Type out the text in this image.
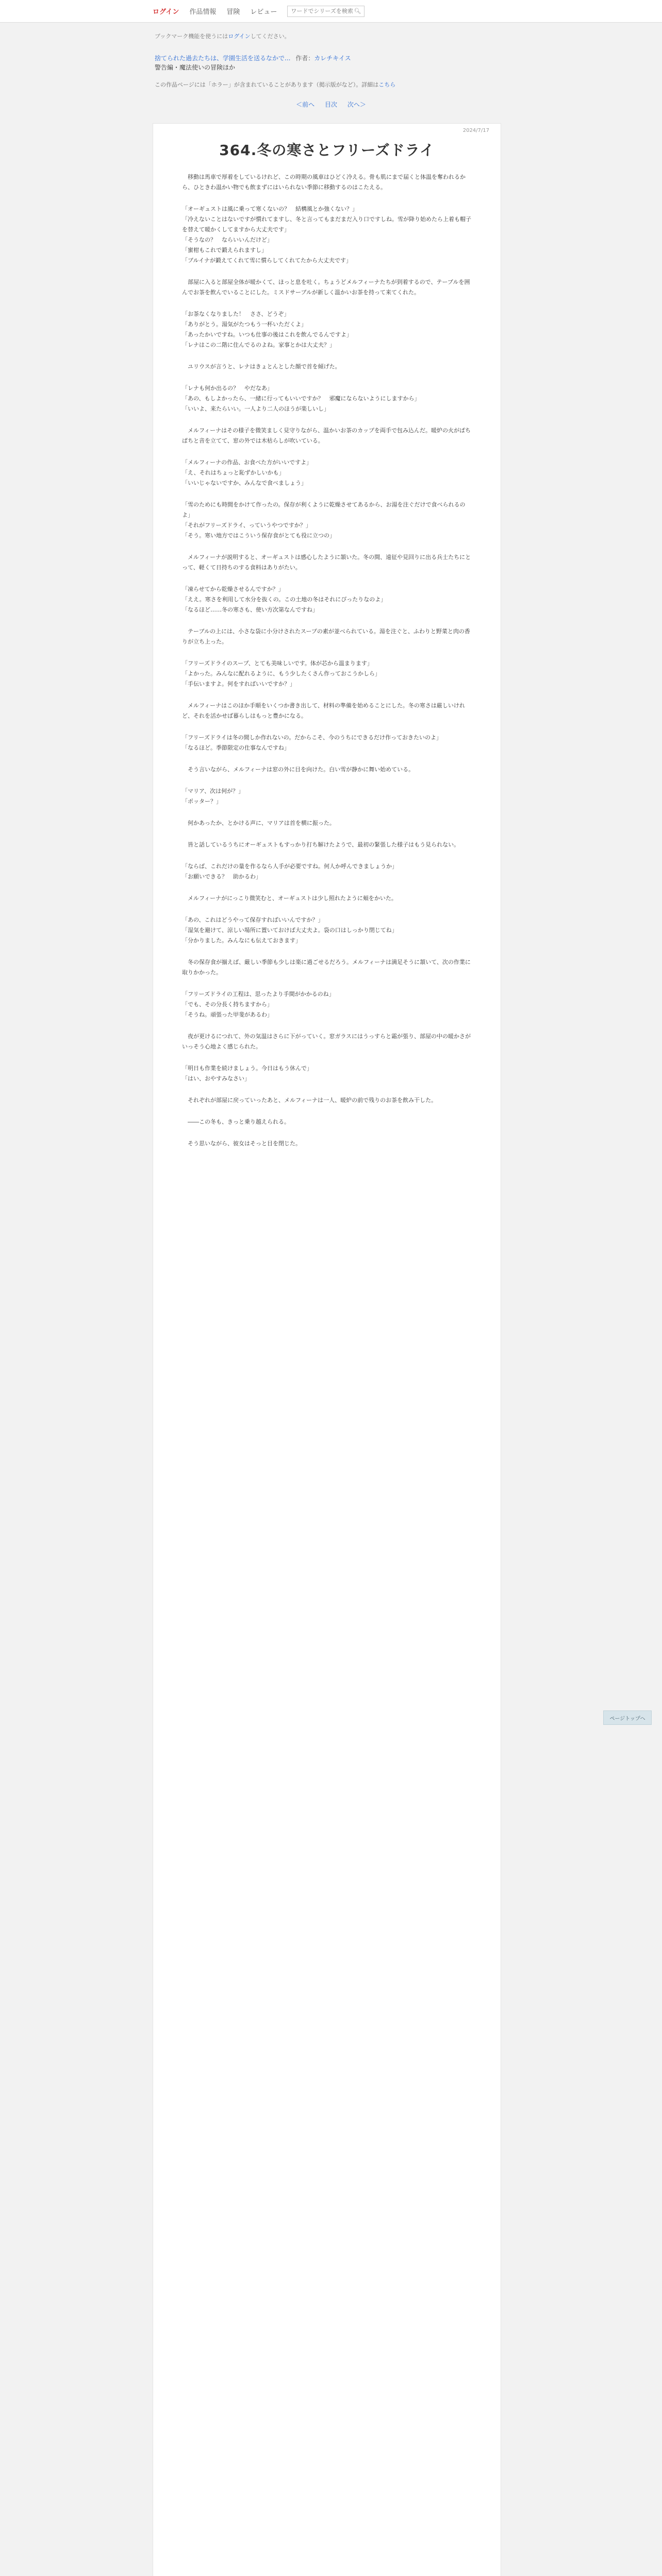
ログイン 作品情報 冒険 レビュー
ワードでシリーズを検索	🔍︎
ブックマーク機能を使うにはログインしてください。
捨てられた過去たちは、学園生活を送るなかで... 作者：カレチキイス
警告編・魔法使いの冒険ほか
この作品ページには「ホラー」が含まれていることがあります（掲示版がなど）。詳細はこちら
＜前へ 目次 次へ＞
2024/7/17
364.冬の寒さとフリーズドライ

　移動は馬車で厚着をしているけれど、この時期の風車はひどく冷える。骨も肌にまで届くと体温を奪われるから、ひときわ温かい物でも飲まずにはいられない季節に移動するのはこたえる。

「オーギュストは風に乗って寒くないの？　結構風とか強くない？」
「冷えないことはないですが慣れてますし、冬と言ってもまだまだ入り口ですしね。雪が降り始めたら上着も帽子を替えて暖かくしてますから大丈夫です」
「そうなの？　ならいいんだけど」
「蜜柑もこれで鍛えられますし」
「ブルイナが鍛えてくれて雪に慣らしてくれてたから大丈夫です」

　部屋に入ると部屋全体が暖かくて、ほっと息を吐く。ちょうどメルフィーナたちが到着するので、テーブルを囲んでお茶を飲んでいることにした。ミスドサーブルが新しく温かいお茶を持って来てくれた。

「お茶なくなりました！　ささ、どうぞ」
「ありがとう。湯気がたつもう一杯いただくよ」
「あったかいですね。いつも仕事の後はこれを飲んでるんですよ」
「レナはこの二階に住んでるのよね。家事とかは大丈夫？」

　ユリウスが言うと、レナはきょとんとした顔で首を傾げた。

「レナも何か出るの？　やだなあ」
「あの、もしよかったら、一緒に行ってもいいですか？　邪魔にならないようにしますから」
「いいよ、来たらいい。一人より二人のほうが楽しいし」

　メルフィーナはその様子を微笑ましく見守りながら、温かいお茶のカップを両手で包み込んだ。暖炉の火がぱちぱちと音を立てて、窓の外では木枯らしが吹いている。

「メルフィーナの作品、お食べた方がいいですよ」
「え、それはちょっと恥ずかしいかも」
「いいじゃないですか、みんなで食べましょう」

「雪のためにも時間をかけて作ったの。保存が利くように乾燥させてあるから、お湯を注ぐだけで食べられるのよ」
「それがフリーズドライ、っていうやつですか？」
「そう。寒い地方ではこういう保存食がとても役に立つの」

　メルフィーナが説明すると、オーギュストは感心したように頷いた。冬の間、遠征や見回りに出る兵士たちにとって、軽くて日持ちのする食料はありがたい。

「凍らせてから乾燥させるんですか？」
「ええ。寒さを利用して水分を抜くの。この土地の冬はそれにぴったりなのよ」
「なるほど……冬の寒さも、使い方次第なんですね」

　テーブルの上には、小さな袋に小分けされたスープの素が並べられている。湯を注ぐと、ふわりと野菜と肉の香りが立ち上った。

「フリーズドライのスープ、とても美味しいです。体が芯から温まります」
「よかった。みんなに配れるように、もう少したくさん作っておこうかしら」
「手伝いますよ。何をすればいいですか？」

　メルフィーナはこのほか手順をいくつか書き出して、材料の準備を始めることにした。冬の寒さは厳しいけれど、それを活かせば暮らしはもっと豊かになる。

「フリーズドライは冬の間しか作れないの。だからこそ、今のうちにできるだけ作っておきたいのよ」
「なるほど。季節限定の仕事なんですね」

　そう言いながら、メルフィーナは窓の外に目を向けた。白い雪が静かに舞い始めている。

「マリア、次は何が？」
「ポッター？」

　何かあったか、とかける声に、マリアは首を横に振った。

　皆と話しているうちにオーギュストもすっかり打ち解けたようで、最初の緊張した様子はもう見られない。

「ならば、これだけの量を作るなら人手が必要ですね。何人か呼んできましょうか」
「お願いできる？　助かるわ」

　メルフィーナがにっこり微笑むと、オーギュストは少し照れたように頬をかいた。

「あの、これはどうやって保存すればいいんですか？」
「湿気を避けて、涼しい場所に置いておけば大丈夫よ。袋の口はしっかり閉じてね」
「分かりました。みんなにも伝えておきます」

　冬の保存食が揃えば、厳しい季節も少しは楽に過ごせるだろう。メルフィーナは満足そうに頷いて、次の作業に取りかかった。

「フリーズドライの工程は、思ったより手間がかかるのね」
「でも、その分長く持ちますから」
「そうね。頑張った甲斐があるわ」

　夜が更けるにつれて、外の気温はさらに下がっていく。窓ガラスにはうっすらと霜が張り、部屋の中の暖かさがいっそう心地よく感じられた。

「明日も作業を続けましょう。今日はもう休んで」
「はい、おやすみなさい」

　それぞれが部屋に戻っていったあと、メルフィーナは一人、暖炉の前で残りのお茶を飲み干した。

　――この冬も、きっと乗り越えられる。

　そう思いながら、彼女はそっと目を閉じた。

ページトップへ
